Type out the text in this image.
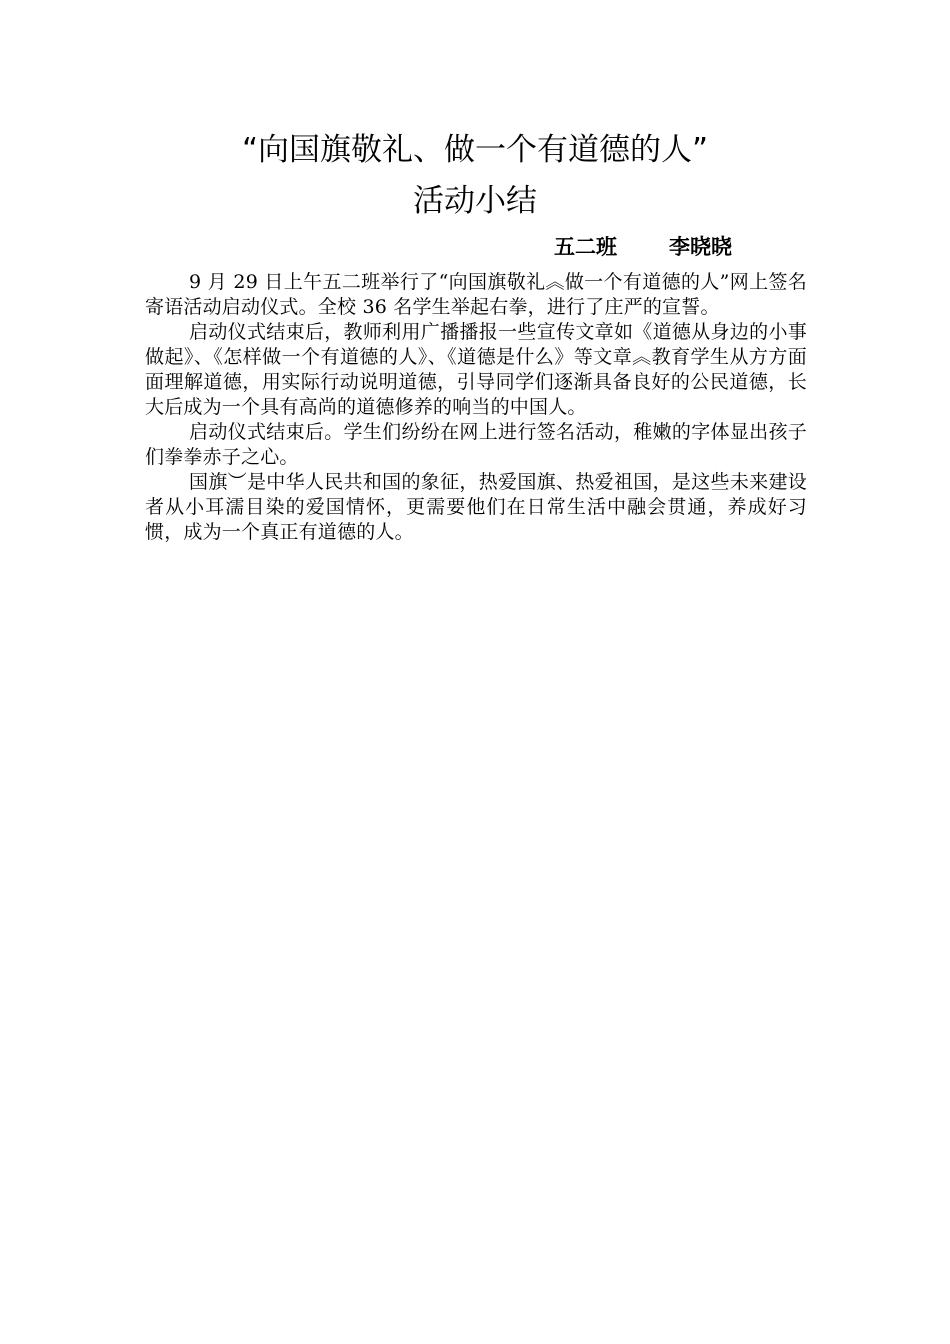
“向国旗敬礼、做一个有道德的人”
活动小结
五二班 李晓晓

9 月 29 日上午五二班举行了“向国旗敬礼︽做一个有道德的人”网上签名寄语活动启动仪式。全校 36 名学生举起右拳，进行了庄严的宣誓。

启动仪式结束后，教师利用广播播报一些宣传文章如《道德从身边的小事做起》、《怎样做一个有道德的人》、《道德是什么》等文章︽教育学生从方方面面理解道德，用实际行动说明道德，引导同学们逐渐具备良好的公民道德，长大后成为一个具有高尚的道德修养的响当的中国人。

启动仪式结束后。学生们纷纷在网上进行签名活动，稚嫩的字体显出孩子们拳拳赤子之心。

国旗︶是中华人民共和国的象征，热爱国旗、热爱祖国，是这些未来建设者从小耳濡目染的爱国情怀，更需要他们在日常生活中融会贯通，养成好习惯，成为一个真正有道德的人。
